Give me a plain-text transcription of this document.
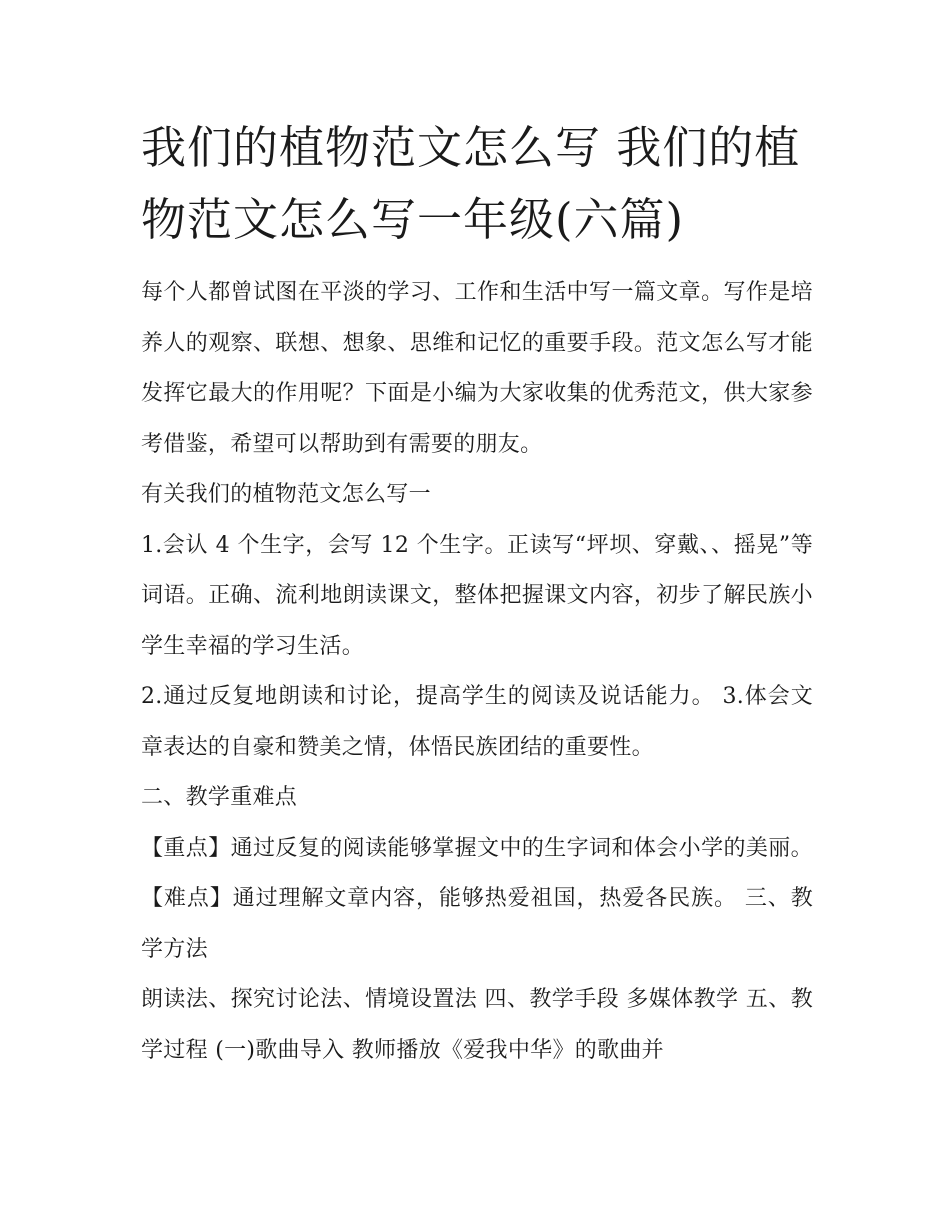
我们的植物范文怎么写 我们的植物范文怎么写一年级(六篇)

每个人都曾试图在平淡的学习、工作和生活中写一篇文章。写作是培养人的观察、联想、想象、思维和记忆的重要手段。范文怎么写才能发挥它最大的作用呢？下面是小编为大家收集的优秀范文，供大家参考借鉴，希望可以帮助到有需要的朋友。

有关我们的植物范文怎么写一

1.会认 4 个生字，会写 12 个生字。正读写“坪坝、穿戴、、摇晃”等词语。正确、流利地朗读课文，整体把握课文内容，初步了解民族小学生幸福的学习生活。

2.通过反复地朗读和讨论，提高学生的阅读及说话能力。 3.体会文章表达的自豪和赞美之情，体悟民族团结的重要性。

二、教学重难点

【重点】通过反复的阅读能够掌握文中的生字词和体会小学的美丽。 【难点】通过理解文章内容，能够热爱祖国，热爱各民族。 三、教学方法

朗读法、探究讨论法、情境设置法 四、教学手段 多媒体教学 五、教学过程 (一)歌曲导入 教师播放《爱我中华》的歌曲并
